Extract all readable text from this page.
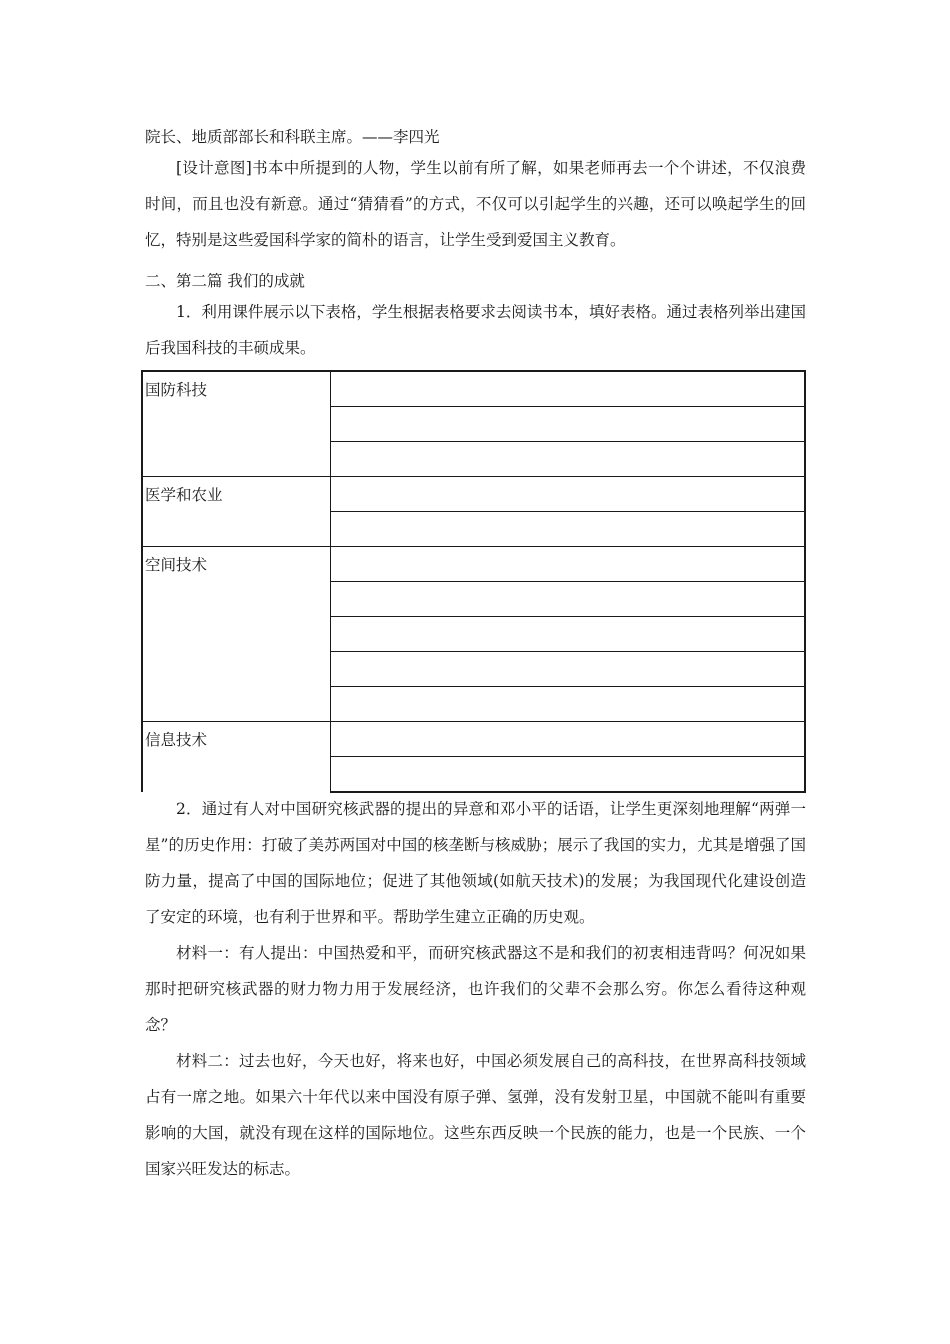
院长、地质部部长和科联主席。——李四光

[设计意图]书本中所提到的人物，学生以前有所了解，如果老师再去一个个讲述，不仅浪费时间，而且也没有新意。通过“猜猜看”的方式，不仅可以引起学生的兴趣，还可以唤起学生的回忆，特别是这些爱国科学家的简朴的语言，让学生受到爱国主义教育。

二、第二篇 我们的成就

1．利用课件展示以下表格，学生根据表格要求去阅读书本，填好表格。通过表格列举出建国后我国科技的丰硕成果。

国防科技	

医学和农业	

空间技术	

信息技术	

2．通过有人对中国研究核武器的提出的异意和邓小平的话语，让学生更深刻地理解“两弹一星”的历史作用：打破了美苏两国对中国的核垄断与核威胁；展示了我国的实力，尤其是增强了国防力量，提高了中国的国际地位；促进了其他领域(如航天技术)的发展；为我国现代化建设创造了安定的环境，也有利于世界和平。帮助学生建立正确的历史观。

材料一：有人提出：中国热爱和平，而研究核武器这不是和我们的初衷相违背吗？何况如果那时把研究核武器的财力物力用于发展经济，也许我们的父辈不会那么穷。你怎么看待这种观念？

材料二：过去也好，今天也好，将来也好，中国必须发展自己的高科技，在世界高科技领域占有一席之地。如果六十年代以来中国没有原子弹、氢弹，没有发射卫星，中国就不能叫有重要影响的大国，就没有现在这样的国际地位。这些东西反映一个民族的能力，也是一个民族、一个国家兴旺发达的标志。
